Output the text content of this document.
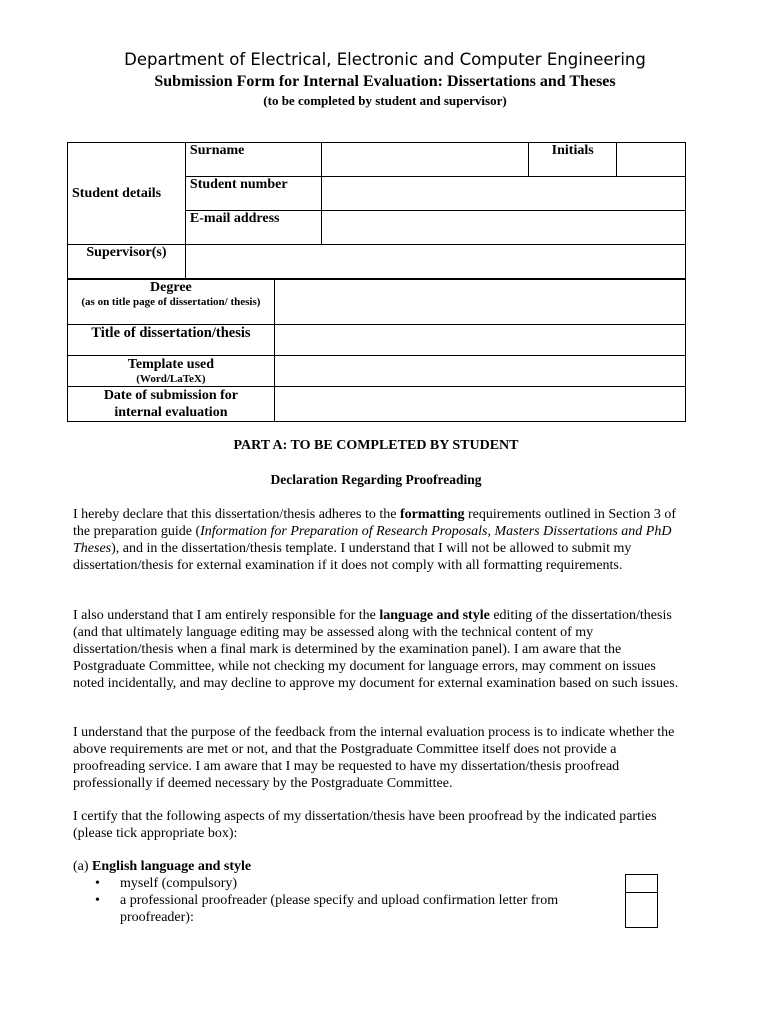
Department of Electrical, Electronic and Computer Engineering
Submission Form for Internal Evaluation: Dissertations and Theses
(to be completed by student and supervisor)
Student details	Surname		Initials	
	Student number			
	E-mail address			
Supervisor(s)				
Degree
(as on title page of dissertation/ thesis)	

Title of dissertation/thesis	
Template used
(Word/LaTeX)	

Date of submission for internal evaluation	
PART A: TO BE COMPLETED BY STUDENT
Declaration Regarding Proofreading
I hereby declare that this dissertation/thesis adheres to the formatting requirements outlined in Section 3 of the preparation guide (Information for Preparation of Research Proposals, Masters Dissertations and PhD Theses), and in the dissertation/thesis template. I understand that I will not be allowed to submit my dissertation/thesis for external examination if it does not comply with all formatting requirements.
I also understand that I am entirely responsible for the language and style editing of the dissertation/thesis (and that ultimately language editing may be assessed along with the technical content of my dissertation/thesis when a final mark is determined by the examination panel). I am aware that the Postgraduate Committee, while not checking my document for language errors, may comment on issues noted incidentally, and may decline to approve my document for external examination based on such issues.
I understand that the purpose of the feedback from the internal evaluation process is to indicate whether the above requirements are met or not, and that the Postgraduate Committee itself does not provide a proofreading service. I am aware that I may be requested to have my dissertation/thesis proofread professionally if deemed necessary by the Postgraduate Committee.
I certify that the following aspects of my dissertation/thesis have been proofread by the indicated parties (please tick appropriate box):
(a) English language and style
• myself (compulsory)
• a professional proofreader (please specify and upload confirmation letter from proofreader):
